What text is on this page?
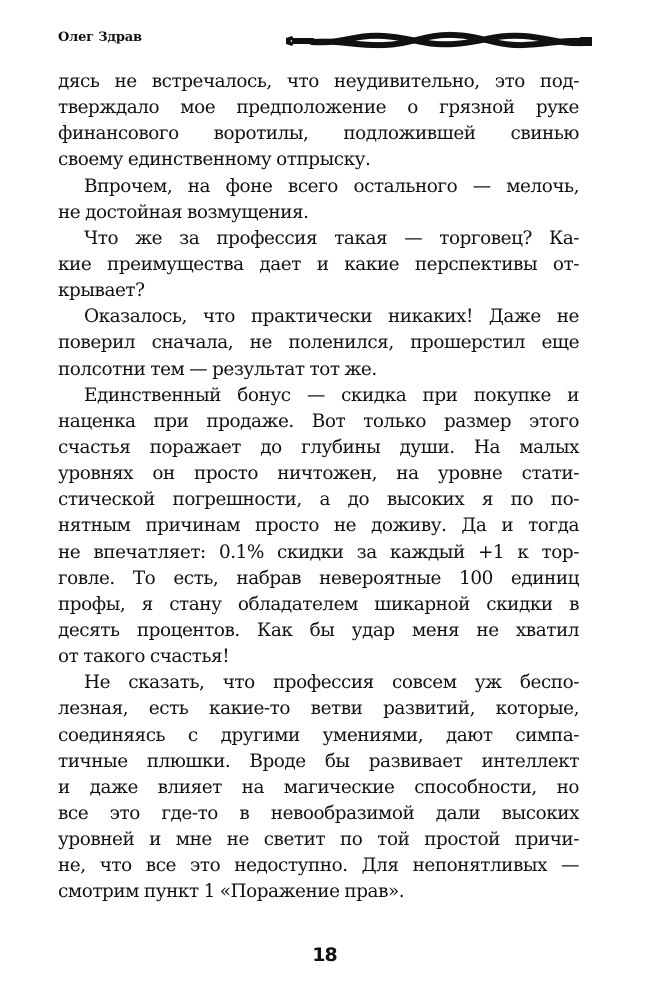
Олег Здрав
дясь не встречалось, что неудивительно, это под-
тверждало мое предположение о грязной руке
финансового воротилы, подложившей свинью
своему единственному отпрыску.
Впрочем, на фоне всего остального — мелочь,
не достойная возмущения.
Что же за профессия такая — торговец? Ка-
кие преимущества дает и какие перспективы от-
крывает?
Оказалось, что практически никаких! Даже не
поверил сначала, не поленился, прошерстил еще
полсотни тем — результат тот же.
Единственный бонус — скидка при покупке и
наценка при продаже. Вот только размер этого
счастья поражает до глубины души. На малых
уровнях он просто ничтожен, на уровне стати-
стической погрешности, а до высоких я по по-
нятным причинам просто не доживу. Да и тогда
не впечатляет: 0.1% скидки за каждый +1 к тор-
говле. То есть, набрав невероятные 100 единиц
профы, я стану обладателем шикарной скидки в
десять процентов. Как бы удар меня не хватил
от такого счастья!
Не сказать, что профессия совсем уж беспо-
лезная, есть какие-то ветви развитий, которые,
соединяясь с другими умениями, дают симпа-
тичные плюшки. Вроде бы развивает интеллект
и даже влияет на магические способности, но
все это где-то в невообразимой дали высоких
уровней и мне не светит по той простой причи-
не, что все это недоступно. Для непонятливых —
смотрим пункт 1 «Поражение прав».
18
